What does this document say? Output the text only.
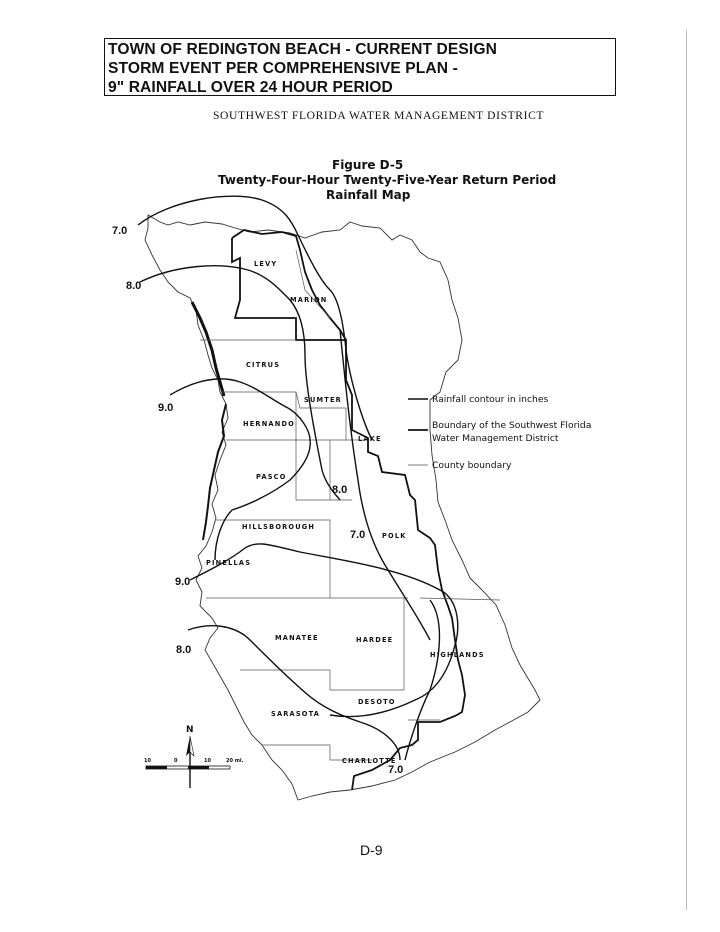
TOWN OF REDINGTON BEACH - CURRENT DESIGN
STORM EVENT PER COMPREHENSIVE PLAN -
9" RAINFALL OVER 24 HOUR PERIOD
SOUTHWEST FLORIDA WATER MANAGEMENT DISTRICT
Figure D-5
Twenty-Four-Hour Twenty-Five-Year Return Period
Rainfall Map
7.0
8.0
9.0
9.0
8.0
8.0
7.0
7.0
LEVY
MARION
CITRUS
SUMTER
HERNANDO
LAKE
PASCO
HILLSBOROUGH
POLK
PINELLAS
MANATEE	HARDEE
HIGHLANDS
SARASOTA
DESOTO
CHARLOTTE
Rainfall contour in inches
Boundary of the Southwest Florida
Water Management District
County boundary
N
10	0	10	20 mi.
D-9
